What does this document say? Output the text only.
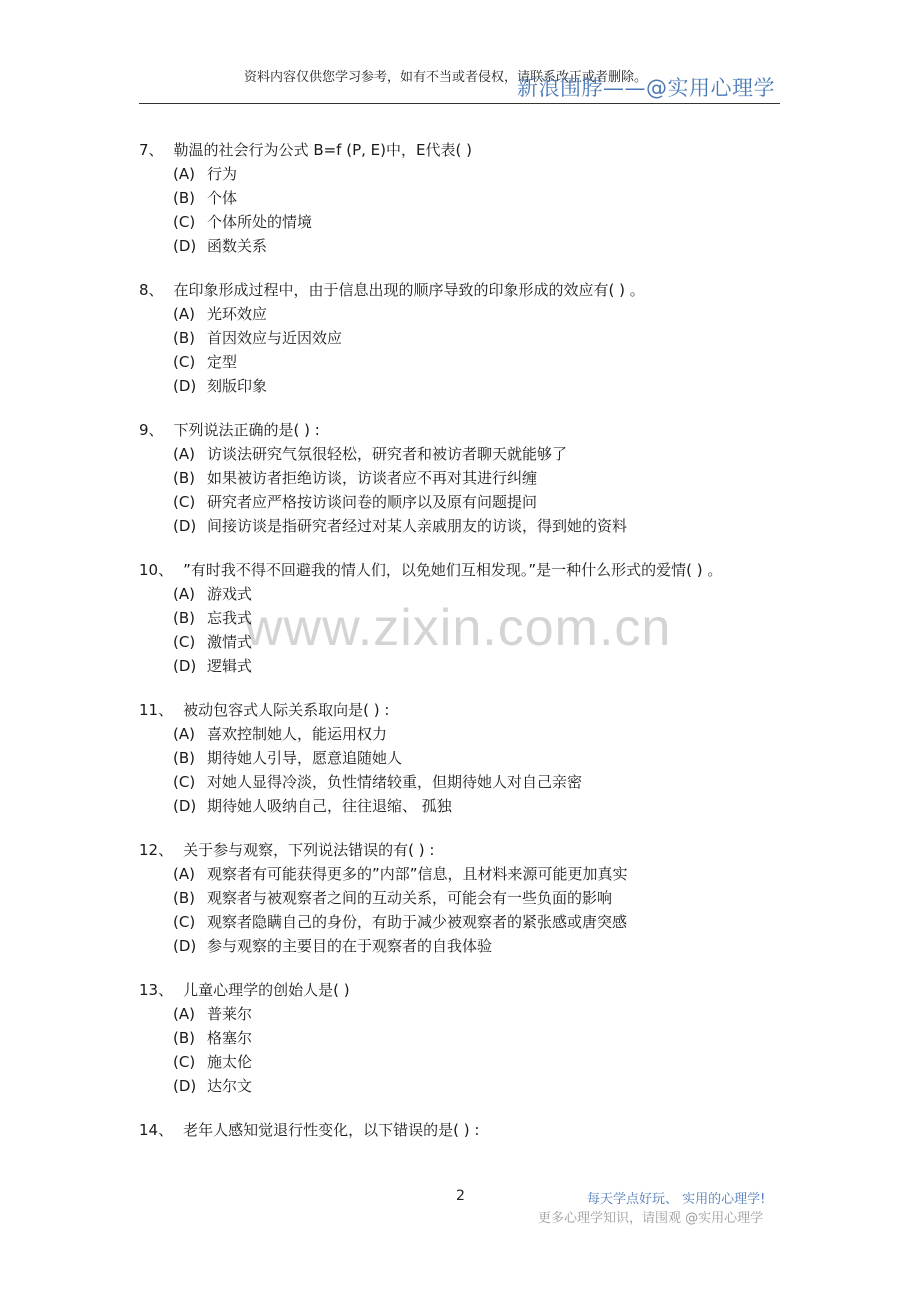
资料内容仅供您学习参考，如有不当或者侵权，请联系改正或者删除。
新浪围脖——@实用心理学
www.zixin.com.cn
7、 勒温的社会行为公式 B=f (P, E)中，E代表( )
(A) 行为
(B) 个体
(C) 个体所处的情境
(D) 函数关系
8、 在印象形成过程中，由于信息出现的顺序导致的印象形成的效应有( ) 。
(A) 光环效应
(B) 首因效应与近因效应
(C) 定型
(D) 刻版印象
9、 下列说法正确的是( ) :
(A) 访谈法研究气氛很轻松，研究者和被访者聊天就能够了
(B) 如果被访者拒绝访谈，访谈者应不再对其进行纠缠
(C) 研究者应严格按访谈问卷的顺序以及原有问题提问
(D) 间接访谈是指研究者经过对某人亲戚朋友的访谈，得到她的资料
10、 ”有时我不得不回避我的情人们，以免她们互相发现。”是一种什么形式的爱情( ) 。
(A) 游戏式
(B) 忘我式
(C) 激情式
(D) 逻辑式
11、 被动包容式人际关系取向是( ) :
(A) 喜欢控制她人，能运用权力
(B) 期待她人引导，愿意追随她人
(C) 对她人显得冷淡，负性情绪较重，但期待她人对自己亲密
(D) 期待她人吸纳自己，往往退缩、 孤独
12、 关于参与观察，下列说法错误的有( ) :
(A) 观察者有可能获得更多的”内部”信息，且材料来源可能更加真实
(B) 观察者与被观察者之间的互动关系，可能会有一些负面的影响
(C) 观察者隐瞒自己的身份，有助于减少被观察者的紧张感或唐突感
(D) 参与观察的主要目的在于观察者的自我体验
13、 儿童心理学的创始人是( )
(A) 普莱尔
(B) 格塞尔
(C) 施太伦
(D) 达尔文
14、 老年人感知觉退行性变化，以下错误的是( ) :
2	每天学点好玩、 实用的心理学!
更多心理学知识，请围观 @实用心理学
